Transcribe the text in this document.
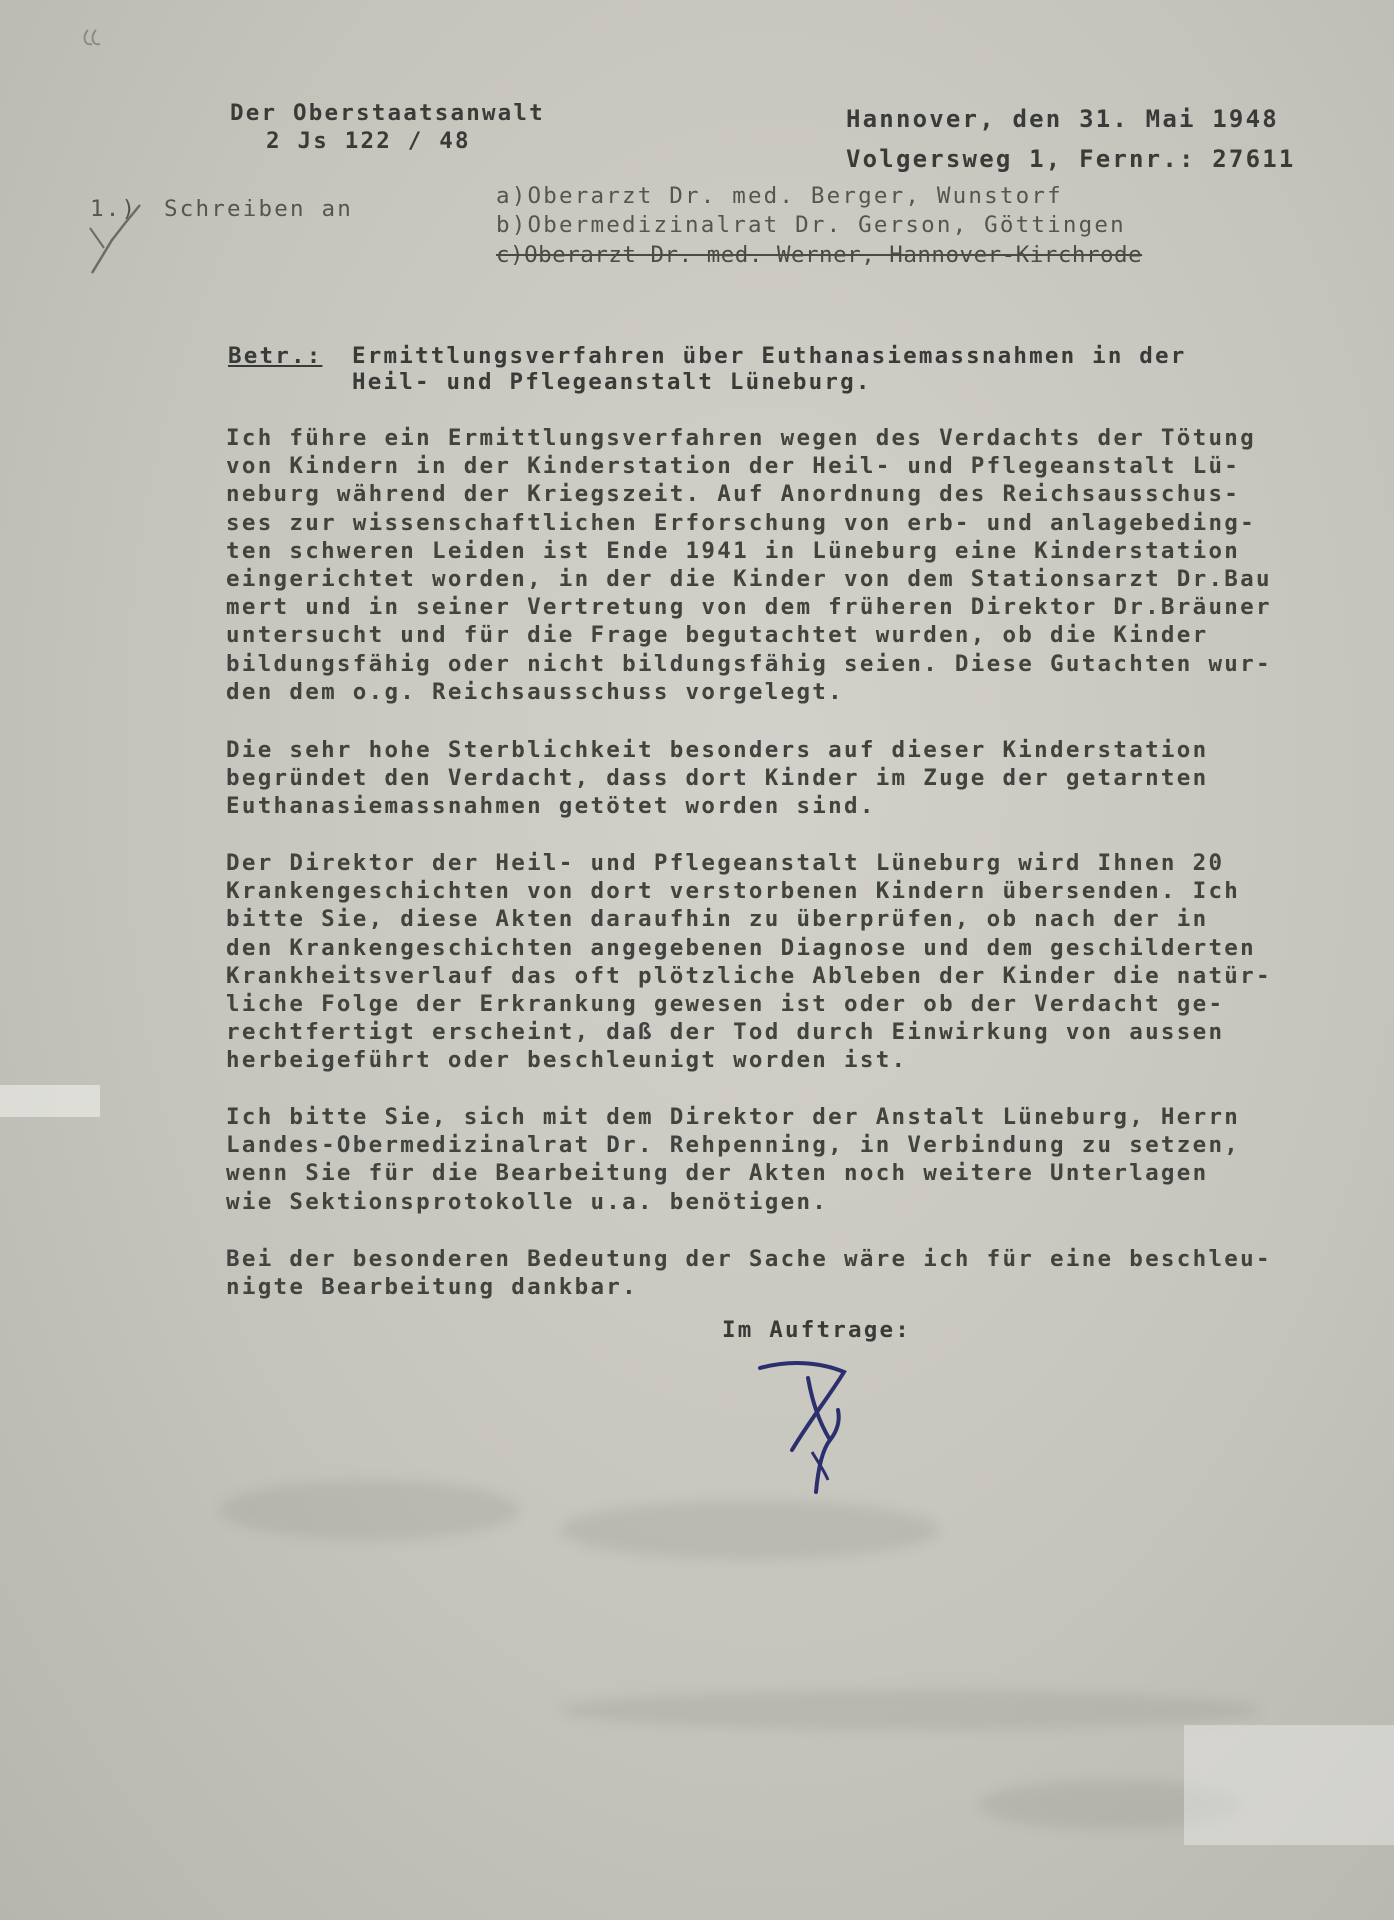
Der Oberstaatsanwalt
2 Js 122 / 48
Hannover, den 31. Mai 1948
Volgersweg 1, Fernr.: 27611
1.) Schreiben an	a)Oberarzt Dr. med. Berger, Wunstorf
b)Obermedizinalrat Dr. Gerson, Göttingen
c)Oberarzt Dr. med. Werner, Hannover-Kirchrode
Betr.: Ermittlungsverfahren über Euthanasiemassnahmen in der
Heil- und Pflegeanstalt Lüneburg.
Ich führe ein Ermittlungsverfahren wegen des Verdachts der Tötung
von Kindern in der Kinderstation der Heil- und Pflegeanstalt Lü-
neburg während der Kriegszeit. Auf Anordnung des Reichsausschus-
ses zur wissenschaftlichen Erforschung von erb- und anlagebeding-
ten schweren Leiden ist Ende 1941 in Lüneburg eine Kinderstation
eingerichtet worden, in der die Kinder von dem Stationsarzt Dr.Bau
mert und in seiner Vertretung von dem früheren Direktor Dr.Bräuner
untersucht und für die Frage begutachtet wurden, ob die Kinder
bildungsfähig oder nicht bildungsfähig seien. Diese Gutachten wur-
den dem o.g. Reichsausschuss vorgelegt.
Die sehr hohe Sterblichkeit besonders auf dieser Kinderstation
begründet den Verdacht, dass dort Kinder im Zuge der getarnten
Euthanasiemassnahmen getötet worden sind.
Der Direktor der Heil- und Pflegeanstalt Lüneburg wird Ihnen 20
Krankengeschichten von dort verstorbenen Kindern übersenden. Ich
bitte Sie, diese Akten daraufhin zu überprüfen, ob nach der in
den Krankengeschichten angegebenen Diagnose und dem geschilderten
Krankheitsverlauf das oft plötzliche Ableben der Kinder die natür-
liche Folge der Erkrankung gewesen ist oder ob der Verdacht ge-
rechtfertigt erscheint, daß der Tod durch Einwirkung von aussen
herbeigeführt oder beschleunigt worden ist.
Ich bitte Sie, sich mit dem Direktor der Anstalt Lüneburg, Herrn
Landes-Obermedizinalrat Dr. Rehpenning, in Verbindung zu setzen,
wenn Sie für die Bearbeitung der Akten noch weitere Unterlagen
wie Sektionsprotokolle u.a. benötigen.
Bei der besonderen Bedeutung der Sache wäre ich für eine beschleu-
nigte Bearbeitung dankbar.
Im Auftrage:
